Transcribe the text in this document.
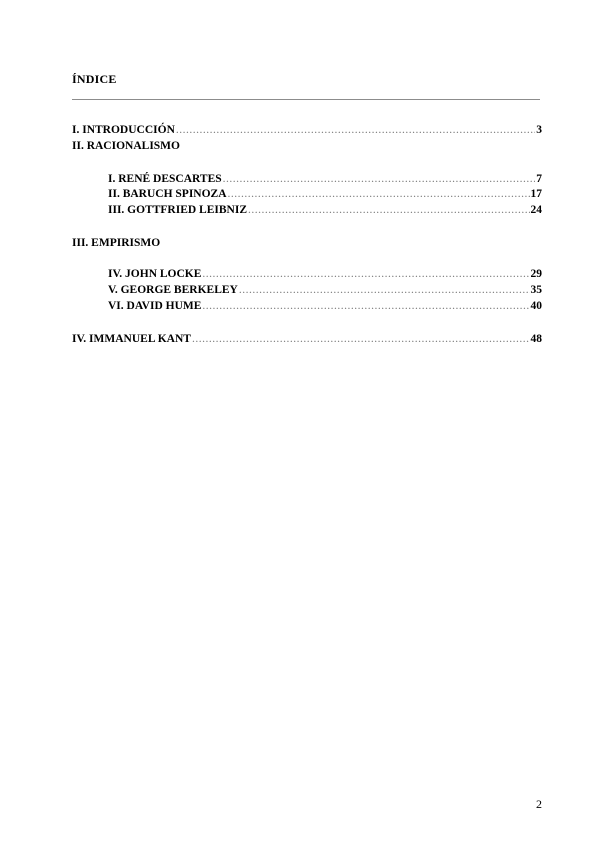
ÍNDICE
I. INTRODUCCIÓN .....	3
II. RACIONALISMO
I. RENÉ DESCARTES .....	7
II. BARUCH SPINOZA .....	17
III. GOTTFRIED LEIBNIZ .....	24
III. EMPIRISMO
IV. JOHN LOCKE .....	29
V. GEORGE BERKELEY .....	35
VI. DAVID HUME .....	40
IV. IMMANUEL KANT .....	48
2
